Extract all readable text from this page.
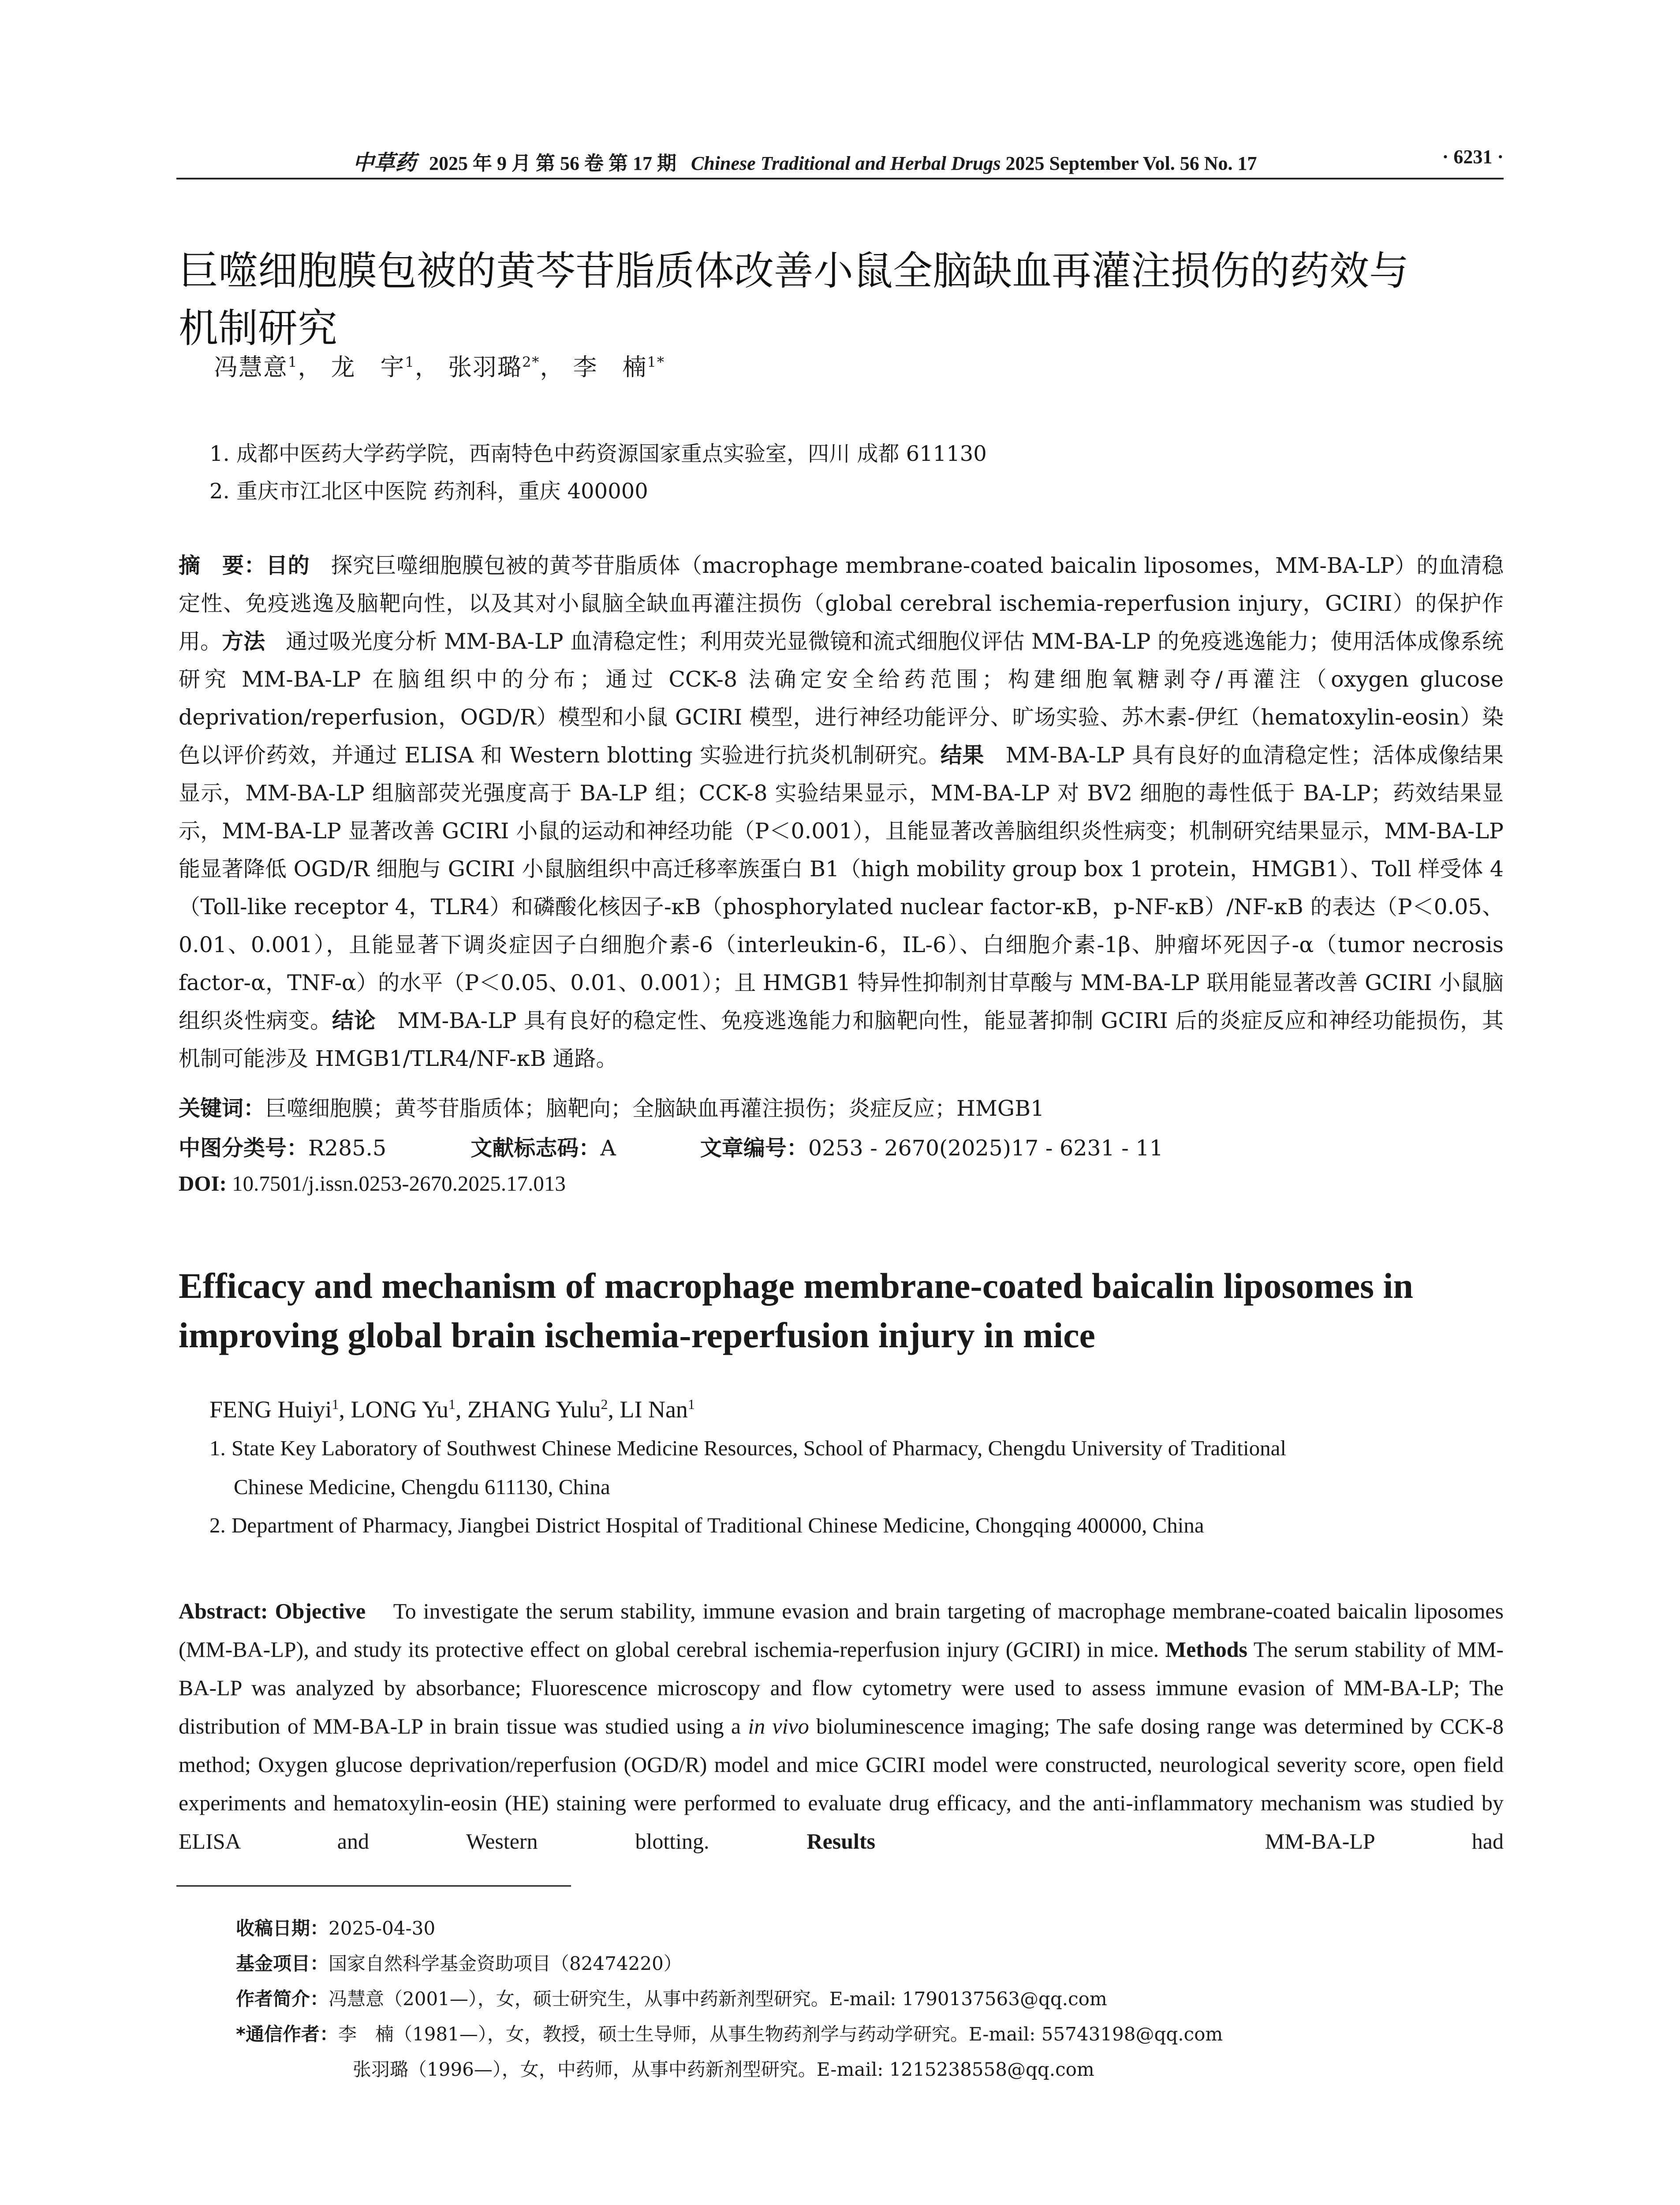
中草药 2025 年 9 月 第 56 卷 第 17 期 Chinese Traditional and Herbal Drugs 2025 September Vol. 56 No. 17	· 6231 ·
巨噬细胞膜包被的黄芩苷脂质体改善小鼠全脑缺血再灌注损伤的药效与
机制研究
冯慧意$^1$， 龙　宇$^1$， 张羽璐$^{2*}$， 李　楠$^{1*}$
1. 成都中医药大学药学院，西南特色中药资源国家重点实验室，四川 成都 611130
2. 重庆市江北区中医院 药剂科，重庆 400000

摘　要：目的 探究巨噬细胞膜包被的黄芩苷脂质体（macrophage membrane-coated baicalin liposomes，MM-BA-LP）的血清稳定性、免疫逃逸及脑靶向性，以及其对小鼠脑全缺血再灌注损伤（global cerebral ischemia-reperfusion injury，GCIRI）的保护作用。方法 通过吸光度分析 MM-BA-LP 血清稳定性；利用荧光显微镜和流式细胞仪评估 MM-BA-LP 的免疫逃逸能力；使用活体成像系统研究 MM-BA-LP 在脑组织中的分布；通过 CCK-8 法确定安全给药范围；构建细胞氧糖剥夺/再灌注（oxygen glucose deprivation/reperfusion，OGD/R）模型和小鼠 GCIRI 模型，进行神经功能评分、旷场实验、苏木素-伊红（hematoxylin-eosin）染色以评价药效，并通过 ELISA 和 Western blotting 实验进行抗炎机制研究。结果 MM-BA-LP 具有良好的血清稳定性；活体成像结果显示，MM-BA-LP 组脑部荧光强度高于 BA-LP 组；CCK-8 实验结果显示，MM-BA-LP 对 BV2 细胞的毒性低于 BA-LP；药效结果显示，MM-BA-LP 显著改善 GCIRI 小鼠的运动和神经功能（P＜0.001），且能显著改善脑组织炎性病变；机制研究结果显示，MM-BA-LP 能显著降低 OGD/R 细胞与 GCIRI 小鼠脑组织中高迁移率族蛋白 B1（high mobility group box 1 protein，HMGB1）、Toll 样受体 4（Toll-like receptor 4，TLR4）和磷酸化核因子-κB（phosphorylated nuclear factor-κB，p-NF-κB）/NF-κB 的表达（P＜0.05、0.01、0.001），且能显著下调炎症因子白细胞介素-6（interleukin-6，IL-6）、白细胞介素-1β、肿瘤坏死因子-α（tumor necrosis factor-α，TNF-α）的水平（P＜0.05、0.01、0.001）；且 HMGB1 特异性抑制剂甘草酸与 MM-BA-LP 联用能显著改善 GCIRI 小鼠脑组织炎性病变。结论 MM-BA-LP 具有良好的稳定性、免疫逃逸能力和脑靶向性，能显著抑制 GCIRI 后的炎症反应和神经功能损伤，其机制可能涉及 HMGB1/TLR4/NF-κB 通路。

关键词：巨噬细胞膜；黄芩苷脂质体；脑靶向；全脑缺血再灌注损伤；炎症反应；HMGB1
中图分类号：R285.5	文献标志码：A	文章编号：0253 - 2670(2025)17 - 6231 - 11
DOI: 10.7501/j.issn.0253-2670.2025.17.013
Efficacy and mechanism of macrophage membrane-coated baicalin liposomes in
improving global brain ischemia-reperfusion injury in mice
FENG Huiyi$^1$, LONG Yu$^1$, ZHANG Yulu$^2$, LI Nan$^1$
1. State Key Laboratory of Southwest Chinese Medicine Resources, School of Pharmacy, Chengdu University of Traditional
Chinese Medicine, Chengdu 611130, China
2. Department of Pharmacy, Jiangbei District Hospital of Traditional Chinese Medicine, Chongqing 400000, China

Abstract: Objective To investigate the serum stability, immune evasion and brain targeting of macrophage membrane-coated baicalin liposomes (MM-BA-LP), and study its protective effect on global cerebral ischemia-reperfusion injury (GCIRI) in mice. Methods The serum stability of MM-BA-LP was analyzed by absorbance; Fluorescence microscopy and flow cytometry were used to assess immune evasion of MM-BA-LP; The distribution of MM-BA-LP in brain tissue was studied using a in vivo bioluminescence imaging; The safe dosing range was determined by CCK-8 method; Oxygen glucose deprivation/reperfusion (OGD/R) model and mice GCIRI model were constructed, neurological severity score, open field experiments and hematoxylin-eosin (HE) staining were performed to evaluate drug efficacy, and the anti-inflammatory mechanism was studied by ELISA and Western blotting.	Results	MM-BA-LP had

收稿日期：2025-04-30
基金项目：国家自然科学基金资助项目（82474220）
作者简介：冯慧意（2001—），女，硕士研究生，从事中药新剂型研究。E-mail: 1790137563@qq.com
*通信作者：李　楠（1981—），女，教授，硕士生导师，从事生物药剂学与药动学研究。E-mail: 55743198@qq.com
张羽璐（1996—），女，中药师，从事中药新剂型研究。E-mail: 1215238558@qq.com
